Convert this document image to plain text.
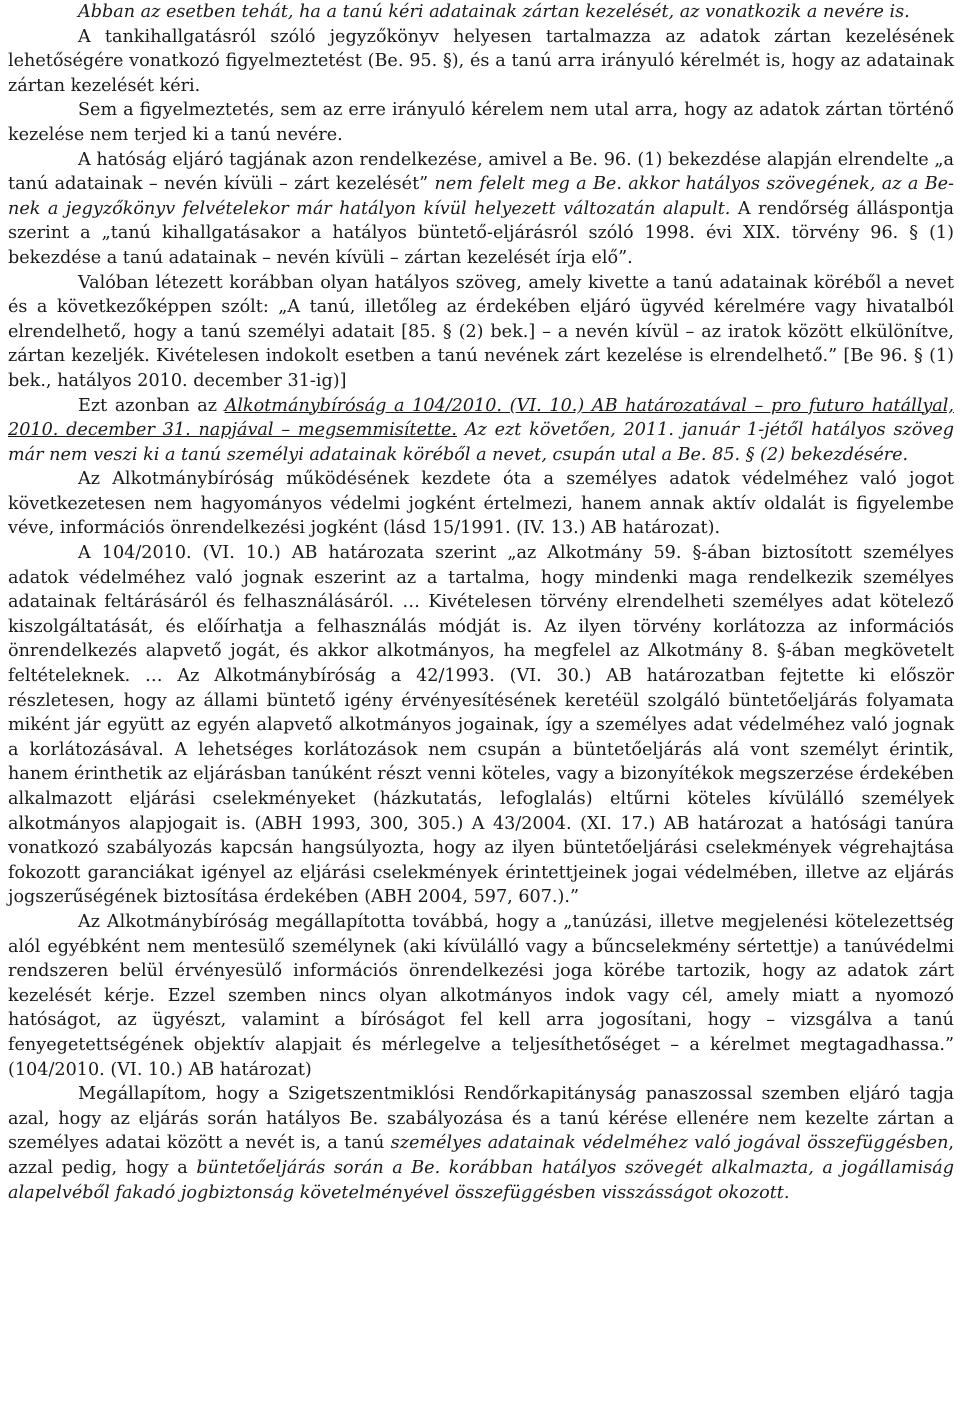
Abban az esetben tehát, ha a tanú kéri adatainak zártan kezelését, az vonatkozik a nevére is.

A tankihallgatásról szóló jegyzőkönyv helyesen tartalmazza az adatok zártan kezelésének lehetőségére vonatkozó figyelmeztetést (Be. 95. §), és a tanú arra irányuló kérelmét is, hogy az adatainak zártan kezelését kéri.

Sem a figyelmeztetés, sem az erre irányuló kérelem nem utal arra, hogy az adatok zártan történő kezelése nem terjed ki a tanú nevére.

A hatóság eljáró tagjának azon rendelkezése, amivel a Be. 96. (1) bekezdése alapján elrendelte „a tanú adatainak – nevén kívüli – zárt kezelését” nem felelt meg a Be. akkor hatályos szövegének, az a Be-nek a jegyzőkönyv felvételekor már hatályon kívül helyezett változatán alapult. A rendőrség álláspontja szerint a „tanú kihallgatásakor a hatályos büntető-eljárásról szóló 1998. évi XIX. törvény 96. § (1) bekezdése a tanú adatainak – nevén kívüli – zártan kezelését írja elő”.

Valóban létezett korábban olyan hatályos szöveg, amely kivette a tanú adatainak köréből a nevet és a következőképpen szólt: „A tanú, illetőleg az érdekében eljáró ügyvéd kérelmére vagy hivatalból elrendelhető, hogy a tanú személyi adatait [85. § (2) bek.] – a nevén kívül – az iratok között elkülönítve, zártan kezeljék. Kivételesen indokolt esetben a tanú nevének zárt kezelése is elrendelhető.” [Be 96. § (1) bek., hatályos 2010. december 31-ig)]

Ezt azonban az Alkotmánybíróság a 104/2010. (VI. 10.) AB határozatával – pro futuro hatállyal, 2010. december 31. napjával – megsemmisítette. Az ezt követően, 2011. január 1-jétől hatályos szöveg már nem veszi ki a tanú személyi adatainak köréből a nevet, csupán utal a Be. 85. § (2) bekezdésére.

Az Alkotmánybíróság működésének kezdete óta a személyes adatok védelméhez való jogot következetesen nem hagyományos védelmi jogként értelmezi, hanem annak aktív oldalát is figyelembe véve, információs önrendelkezési jogként (lásd 15/1991. (IV. 13.) AB határozat).

A 104/2010. (VI. 10.) AB határozata szerint „az Alkotmány 59. §-ában biztosított személyes adatok védelméhez való jognak eszerint az a tartalma, hogy mindenki maga rendelkezik személyes adatainak feltárásáról és felhasználásáról. … Kivételesen törvény elrendelheti személyes adat kötelező kiszolgáltatását, és előírhatja a felhasználás módját is. Az ilyen törvény korlátozza az információs önrendelkezés alapvető jogát, és akkor alkotmányos, ha megfelel az Alkotmány 8. §-ában megkövetelt feltételeknek. … Az Alkotmánybíróság a 42/1993. (VI. 30.) AB határozatban fejtette ki először részletesen, hogy az állami büntető igény érvényesítésének keretéül szolgáló büntetőeljárás folyamata miként jár együtt az egyén alapvető alkotmányos jogainak, így a személyes adat védelméhez való jognak a korlátozásával. A lehetséges korlátozások nem csupán a büntetőeljárás alá vont személyt érintik, hanem érinthetik az eljárásban tanúként részt venni köteles, vagy a bizonyítékok megszerzése érdekében alkalmazott eljárási cselekményeket (házkutatás, lefoglalás) eltűrni köteles kívülálló személyek alkotmányos alapjogait is. (ABH 1993, 300, 305.) A 43/2004. (XI. 17.) AB határozat a hatósági tanúra vonatkozó szabályozás kapcsán hangsúlyozta, hogy az ilyen büntetőeljárási cselekmények végrehajtása fokozott garanciákat igényel az eljárási cselekmények érintettjeinek jogai védelmében, illetve az eljárás jogszerűségének biztosítása érdekében (ABH 2004, 597, 607.).”

Az Alkotmánybíróság megállapította továbbá, hogy a „tanúzási, illetve megjelenési kötelezettség alól egyébként nem mentesülő személynek (aki kívülálló vagy a bűncselekmény sértettje) a tanúvédelmi rendszeren belül érvényesülő információs önrendelkezési joga körébe tartozik, hogy az adatok zárt kezelését kérje. Ezzel szemben nincs olyan alkotmányos indok vagy cél, amely miatt a nyomozó hatóságot, az ügyészt, valamint a bíróságot fel kell arra jogosítani, hogy – vizsgálva a tanú fenyegetettségének objektív alapjait és mérlegelve a teljesíthetőséget – a kérelmet megtagadhassa.” (104/2010. (VI. 10.) AB határozat)

Megállapítom, hogy a Szigetszentmiklósi Rendőrkapitányság panaszossal szemben eljáró tagja azal, hogy az eljárás során hatályos Be. szabályozása és a tanú kérése ellenére nem kezelte zártan a személyes adatai között a nevét is, a tanú személyes adatainak védelméhez való jogával összefüggésben, azzal pedig, hogy a büntetőeljárás során a Be. korábban hatályos szövegét alkalmazta, a jogállamiság alapelvéből fakadó jogbiztonság követelményével összefüggésben visszásságot okozott.
